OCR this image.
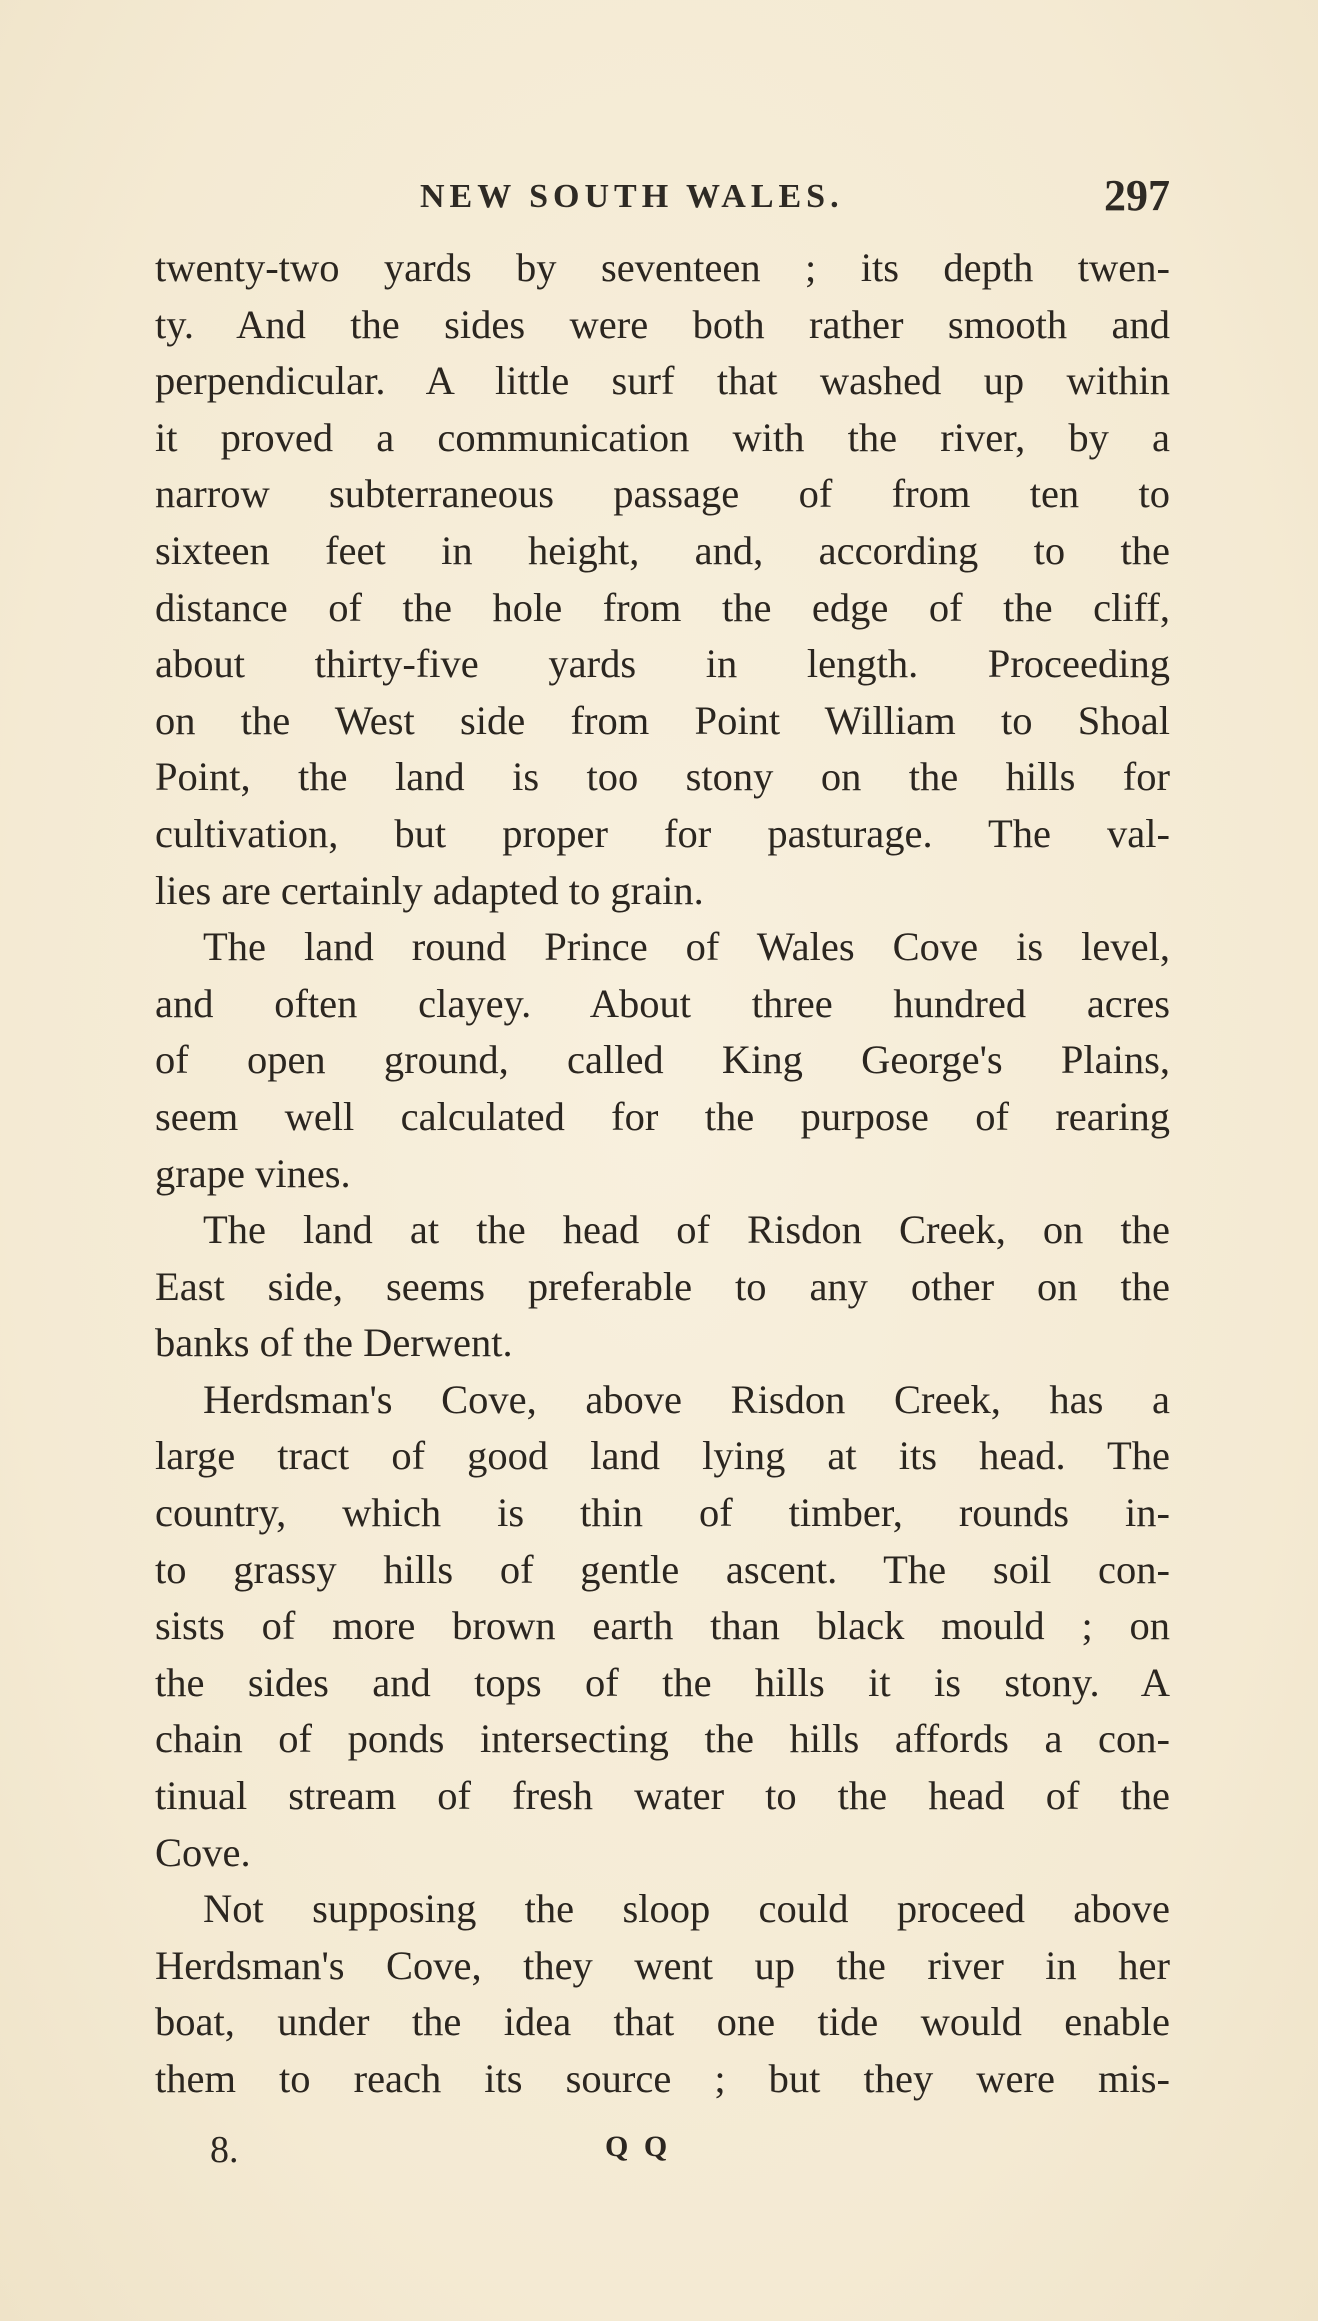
NEW SOUTH WALES.	297
twenty-two yards by seventeen ; its depth twen-
ty. And the sides were both rather smooth and
perpendicular. A little surf that washed up within
it proved a communication with the river, by a
narrow subterraneous passage of from ten to
sixteen feet in height, and, according to the
distance of the hole from the edge of the cliff,
about thirty-five yards in length. Proceeding
on the West side from Point William to Shoal
Point, the land is too stony on the hills for
cultivation, but proper for pasturage. The val-
lies are certainly adapted to grain.
The land round Prince of Wales Cove is level,
and often clayey. About three hundred acres
of open ground, called King George's Plains,
seem well calculated for the purpose of rearing
grape vines.
The land at the head of Risdon Creek, on the
East side, seems preferable to any other on the
banks of the Derwent.
Herdsman's Cove, above Risdon Creek, has a
large tract of good land lying at its head. The
country, which is thin of timber, rounds in-
to grassy hills of gentle ascent. The soil con-
sists of more brown earth than black mould ; on
the sides and tops of the hills it is stony. A
chain of ponds intersecting the hills affords a con-
tinual stream of fresh water to the head of the
Cove.
Not supposing the sloop could proceed above
Herdsman's Cove, they went up the river in her
boat, under the idea that one tide would enable
them to reach its source ; but they were mis-
8.	Q Q
